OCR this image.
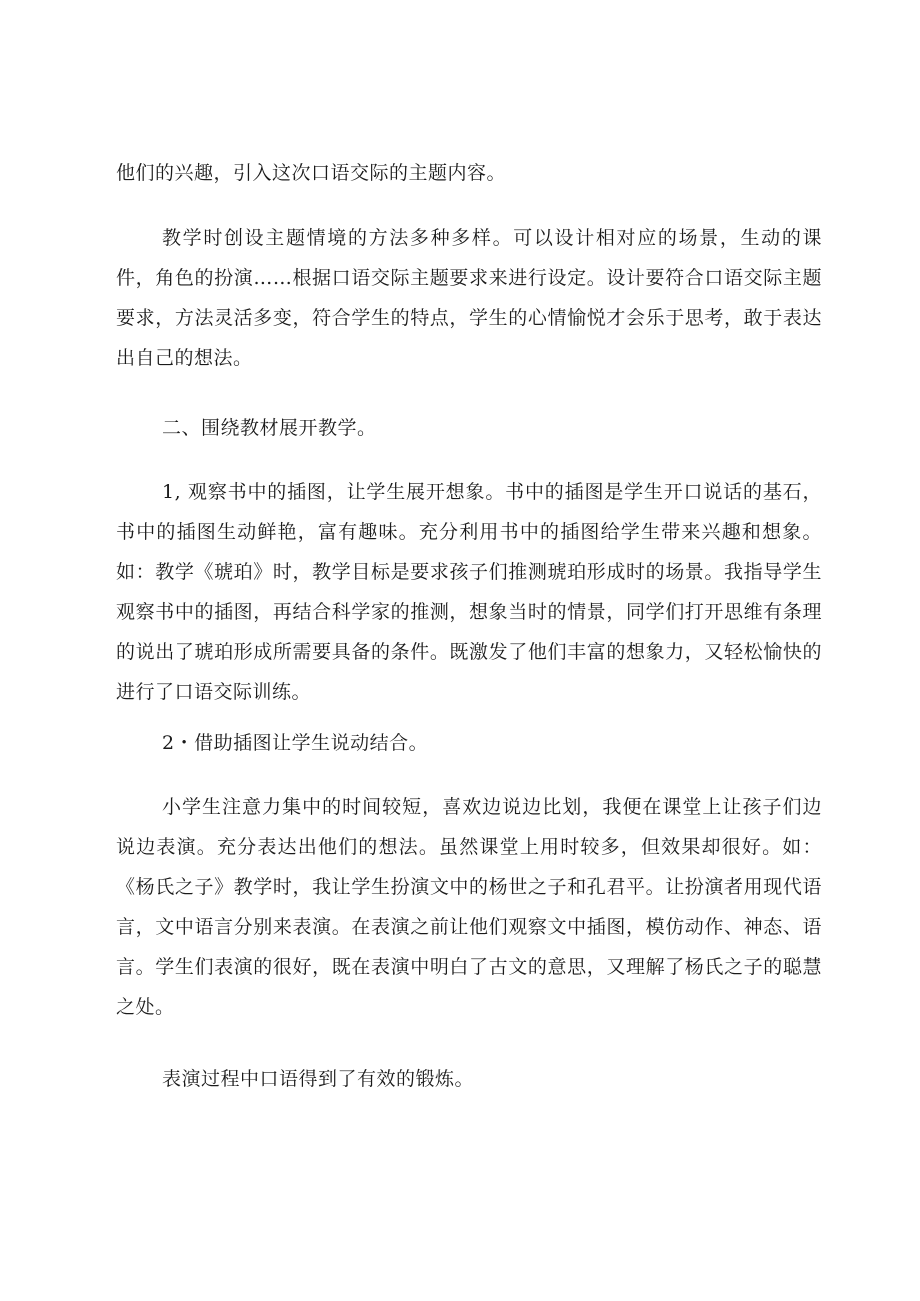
他们的兴趣，引入这次口语交际的主题内容。

教学时创设主题情境的方法多种多样。可以设计相对应的场景，生动的课件，角色的扮演……根据口语交际主题要求来进行设定。设计要符合口语交际主题要求，方法灵活多变，符合学生的特点，学生的心情愉悦才会乐于思考，敢于表达出自己的想法。

二、围绕教材展开教学。

1, 观察书中的插图，让学生展开想象。书中的插图是学生开口说话的基石，书中的插图生动鲜艳，富有趣味。充分利用书中的插图给学生带来兴趣和想象。如：教学《琥珀》时，教学目标是要求孩子们推测琥珀形成时的场景。我指导学生观察书中的插图，再结合科学家的推测，想象当时的情景，同学们打开思维有条理的说出了琥珀形成所需要具备的条件。既激发了他们丰富的想象力，又轻松愉快的进行了口语交际训练。

2・借助插图让学生说动结合。

小学生注意力集中的时间较短，喜欢边说边比划，我便在课堂上让孩子们边说边表演。充分表达出他们的想法。虽然课堂上用时较多，但效果却很好。如：《杨氏之子》教学时，我让学生扮演文中的杨世之子和孔君平。让扮演者用现代语言，文中语言分别来表演。在表演之前让他们观察文中插图，模仿动作、神态、语言。学生们表演的很好，既在表演中明白了古文的意思，又理解了杨氏之子的聪慧之处。

表演过程中口语得到了有效的锻炼。
